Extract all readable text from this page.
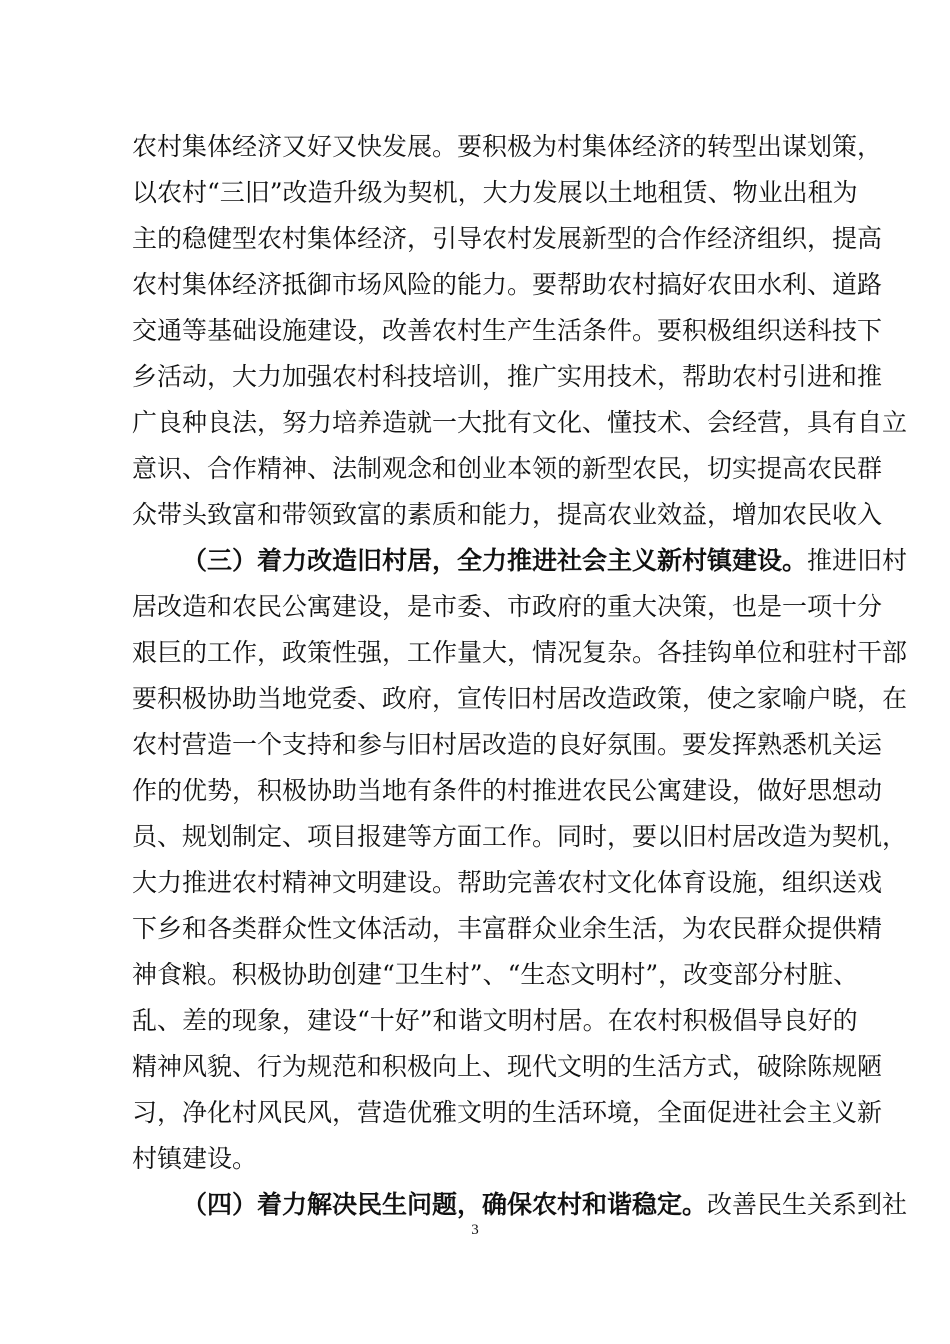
农村集体经济又好又快发展。要积极为村集体经济的转型出谋划策，
以农村“三旧”改造升级为契机，大力发展以土地租赁、物业出租为
主的稳健型农村集体经济，引导农村发展新型的合作经济组织，提高
农村集体经济抵御市场风险的能力。要帮助农村搞好农田水利、道路
交通等基础设施建设，改善农村生产生活条件。要积极组织送科技下
乡活动，大力加强农村科技培训，推广实用技术，帮助农村引进和推
广良种良法，努力培养造就一大批有文化、懂技术、会经营，具有自立
意识、合作精神、法制观念和创业本领的新型农民，切实提高农民群
众带头致富和带领致富的素质和能力，提高农业效益，增加农民收入
（三）着力改造旧村居，全力推进社会主义新村镇建设。推进旧村
居改造和农民公寓建设，是市委、市政府的重大决策，也是一项十分
艰巨的工作，政策性强，工作量大，情况复杂。各挂钩单位和驻村干部
要积极协助当地党委、政府，宣传旧村居改造政策，使之家喻户晓，在
农村营造一个支持和参与旧村居改造的良好氛围。要发挥熟悉机关运
作的优势，积极协助当地有条件的村推进农民公寓建设，做好思想动
员、规划制定、项目报建等方面工作。同时，要以旧村居改造为契机，
大力推进农村精神文明建设。帮助完善农村文化体育设施，组织送戏
下乡和各类群众性文体活动，丰富群众业余生活，为农民群众提供精
神食粮。积极协助创建“卫生村”、“生态文明村”，改变部分村脏、
乱、差的现象，建设“十好”和谐文明村居。在农村积极倡导良好的
精神风貌、行为规范和积极向上、现代文明的生活方式，破除陈规陋
习，净化村风民风，营造优雅文明的生活环境，全面促进社会主义新
村镇建设。
（四）着力解决民生问题，确保农村和谐稳定。改善民生关系到社
3
